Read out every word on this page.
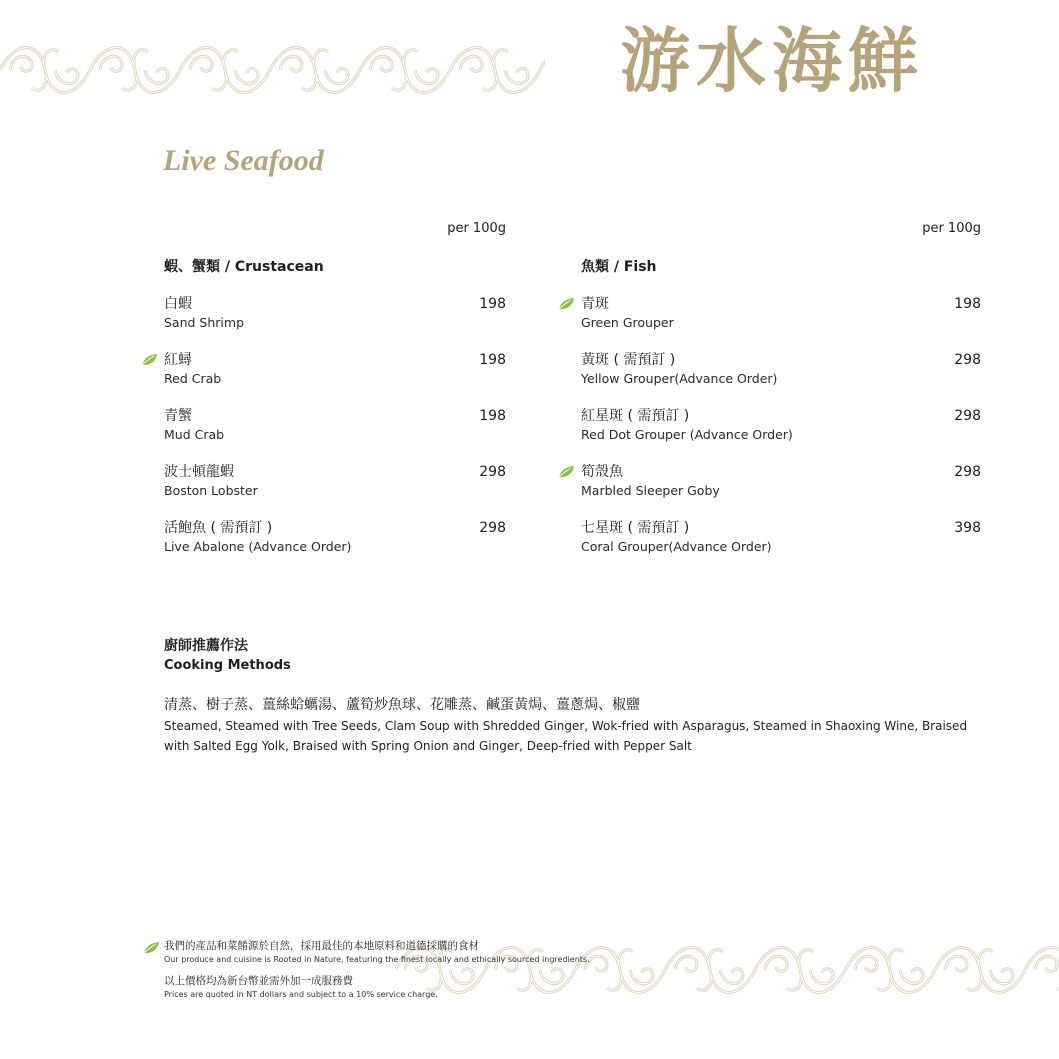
游水海鮮
Live Seafood
per 100g
蝦、蟹類 / Crustacean
白蝦
Sand Shrimp
198
紅蟳
Red Crab
198
青蟹
Mud Crab
198
波士頓龍蝦
Boston Lobster
298
活鮑魚 ( 需預訂 )
Live Abalone (Advance Order)
298
per 100g
魚類 / Fish
青斑
Green Grouper
198
黃斑 ( 需預訂 )
Yellow Grouper(Advance Order)
298
紅星斑 ( 需預訂 )
Red Dot Grouper (Advance Order)
298
筍殼魚
Marbled Sleeper Goby
298
七星斑 ( 需預訂 )
Coral Grouper(Advance Order)
398
廚師推薦作法
Cooking Methods
清蒸、樹子蒸、薑絲蛤蠣湯、蘆筍炒魚球、花雕蒸、鹹蛋黃焗、薑蔥焗、椒鹽
Steamed, Steamed with Tree Seeds, Clam Soup with Shredded Ginger, Wok-fried with Asparagus, Steamed in Shaoxing Wine, Braised with Salted Egg Yolk, Braised with Spring Onion and Ginger, Deep-fried with Pepper Salt
我們的產品和菜餚源於自然，採用最佳的本地原料和道德採購的食材
Our produce and cuisine is Rooted in Nature, featuring the finest locally and ethically sourced ingredients.
以上價格均為新台幣並需外加一成服務費
Prices are quoted in NT dollars and subject to a 10% service charge.
